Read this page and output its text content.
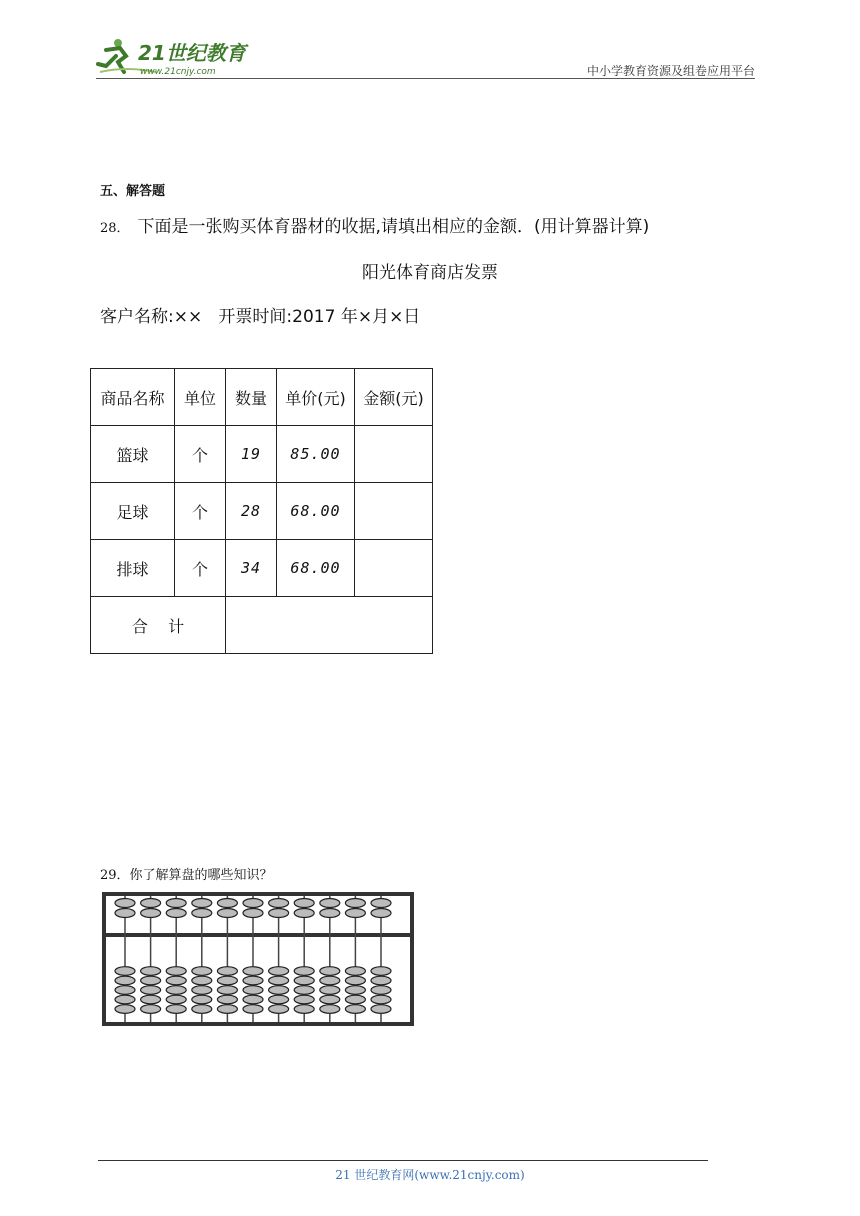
21世纪教育
www.21cnjy.com	中小学教育资源及组卷应用平台
五、解答题
28． 下面是一张购买体育器材的收据,请填出相应的金额．(用计算器计算)
阳光体育商店发票
客户名称:××   开票时间:2017 年×月×日
商品名称	单位	数量	单价(元)	金额(元)
篮球	个	19	85.00	
足球	个	28	68.00	
排球	个	34	68.00	
合    计				
29．你了解算盘的哪些知识？
21 世纪教育网(www.21cnjy.com)
